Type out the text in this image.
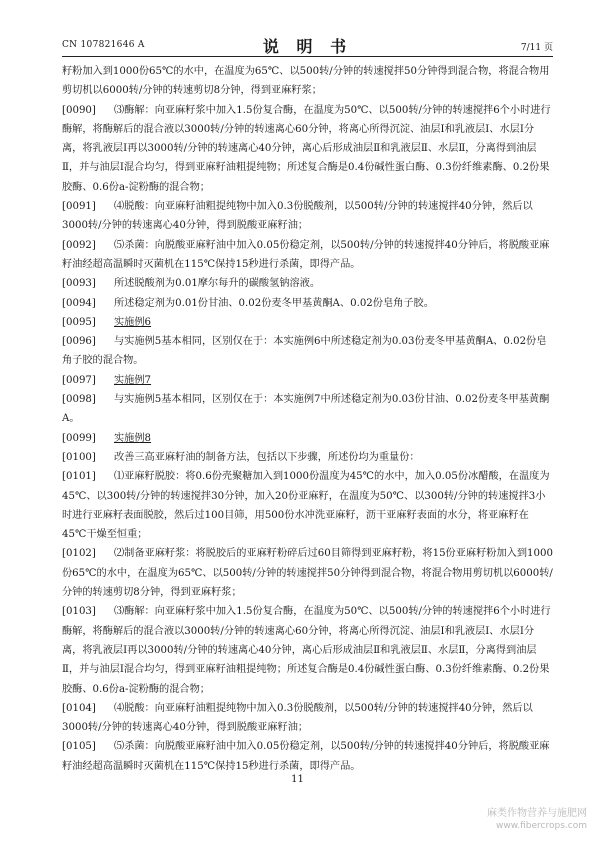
CN 107821646 A	说 明 书	7/11 页

籽粉加入到1000份65℃的水中，在温度为65℃、以500转/分钟的转速搅拌50分钟得到混合物，将混合物用剪切机以6000转/分钟的转速剪切8分钟，得到亚麻籽浆；

[0090] ⑶酶解：向亚麻籽浆中加入1.5份复合酶，在温度为50℃、以500转/分钟的转速搅拌6个小时进行酶解，将酶解后的混合液以3000转/分钟的转速离心60分钟，将离心所得沉淀、油层Ⅰ和乳液层Ⅰ、水层Ⅰ分离，将乳液层Ⅰ再以3000转/分钟的转速离心40分钟，离心后形成油层Ⅱ和乳液层Ⅱ、水层Ⅱ，分离得到油层Ⅱ，并与油层Ⅰ混合均匀，得到亚麻籽油粗提纯物；所述复合酶是0.4份碱性蛋白酶、0.3份纤维素酶、0.2份果胶酶、0.6份a-淀粉酶的混合物；

[0091] ⑷脱酸：向亚麻籽油粗提纯物中加入0.3份脱酸剂，以500转/分钟的转速搅拌40分钟，然后以3000转/分钟的转速离心40分钟，得到脱酸亚麻籽油；

[0092] ⑸杀菌：向脱酸亚麻籽油中加入0.05份稳定剂，以500转/分钟的转速搅拌40分钟后，将脱酸亚麻籽油经超高温瞬时灭菌机在115℃保持15秒进行杀菌，即得产品。

[0093] 所述脱酸剂为0.01摩尔每升的碳酸氢钠溶液。

[0094] 所述稳定剂为0.01份甘油、0.02份麦冬甲基黄酮A、0.02份皂角子胶。

[0095] 实施例6

[0096] 与实施例5基本相同，区别仅在于：本实施例6中所述稳定剂为0.03份麦冬甲基黄酮A、0.02份皂角子胶的混合物。

[0097] 实施例7

[0098] 与实施例5基本相同，区别仅在于：本实施例7中所述稳定剂为0.03份甘油、0.02份麦冬甲基黄酮A。

[0099] 实施例8

[0100] 改善三高亚麻籽油的制备方法，包括以下步骤，所述份均为重量份：

[0101] ⑴亚麻籽脱胶：将0.6份壳聚糖加入到1000份温度为45℃的水中，加入0.05份冰醋酸，在温度为45℃、以300转/分钟的转速搅拌30分钟，加入20份亚麻籽，在温度为50℃、以300转/分钟的转速搅拌3小时进行亚麻籽表面脱胶，然后过100目筛，用500份水冲洗亚麻籽，沥干亚麻籽表面的水分，将亚麻籽在45℃干燥至恒重；

[0102] ⑵制备亚麻籽浆：将脱胶后的亚麻籽粉碎后过60目筛得到亚麻籽粉，将15份亚麻籽粉加入到1000份65℃的水中，在温度为65℃、以500转/分钟的转速搅拌50分钟得到混合物，将混合物用剪切机以6000转/分钟的转速剪切8分钟，得到亚麻籽浆；

[0103] ⑶酶解：向亚麻籽浆中加入1.5份复合酶，在温度为50℃、以500转/分钟的转速搅拌6个小时进行酶解，将酶解后的混合液以3000转/分钟的转速离心60分钟，将离心所得沉淀、油层Ⅰ和乳液层Ⅰ、水层Ⅰ分离，将乳液层Ⅰ再以3000转/分钟的转速离心40分钟，离心后形成油层Ⅱ和乳液层Ⅱ、水层Ⅱ，分离得到油层Ⅱ，并与油层Ⅰ混合均匀，得到亚麻籽油粗提纯物；所述复合酶是0.4份碱性蛋白酶、0.3份纤维素酶、0.2份果胶酶、0.6份a-淀粉酶的混合物；

[0104] ⑷脱酸：向亚麻籽油粗提纯物中加入0.3份脱酸剂，以500转/分钟的转速搅拌40分钟，然后以3000转/分钟的转速离心40分钟，得到脱酸亚麻籽油；

[0105] ⑸杀菌：向脱酸亚麻籽油中加入0.05份稳定剂，以500转/分钟的转速搅拌40分钟后，将脱酸亚麻籽油经超高温瞬时灭菌机在115℃保持15秒进行杀菌，即得产品。

11
麻类作物营养与施肥网
www.fibercrops.com
